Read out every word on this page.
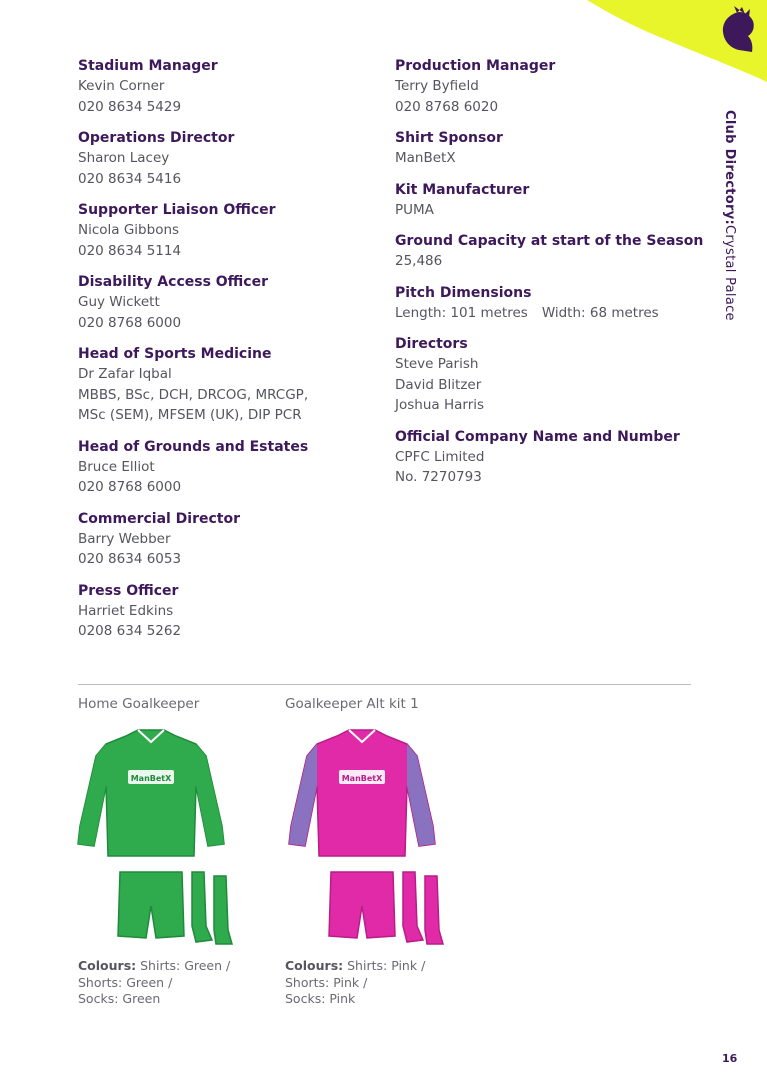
Club Directory:Crystal Palace
Stadium Manager
Kevin Corner
020 8634 5429
Operations Director
Sharon Lacey
020 8634 5416
Supporter Liaison Officer
Nicola Gibbons
020 8634 5114
Disability Access Officer
Guy Wickett
020 8768 6000
Head of Sports Medicine
Dr Zafar Iqbal
MBBS, BSc, DCH, DRCOG, MRCGP,
MSc (SEM), MFSEM (UK), DIP PCR
Head of Grounds and Estates
Bruce Elliot
020 8768 6000
Commercial Director
Barry Webber
020 8634 6053
Press Officer
Harriet Edkins
0208 634 5262
Production Manager
Terry Byfield
020 8768 6020
Shirt Sponsor
ManBetX
Kit Manufacturer
PUMA
Ground Capacity at start of the Season
25,486
Pitch Dimensions
Length: 101 metres Width: 68 metres
Directors
Steve Parish
David Blitzer
Joshua Harris
Official Company Name and Number
CPFC Limited
No. 7270793
Home Goalkeeper
ManBetX
Colours: Shirts: Green /
Shorts: Green /
Socks: Green
Goalkeeper Alt kit 1
ManBetX
Colours: Shirts: Pink /
Shorts: Pink /
Socks: Pink
16
